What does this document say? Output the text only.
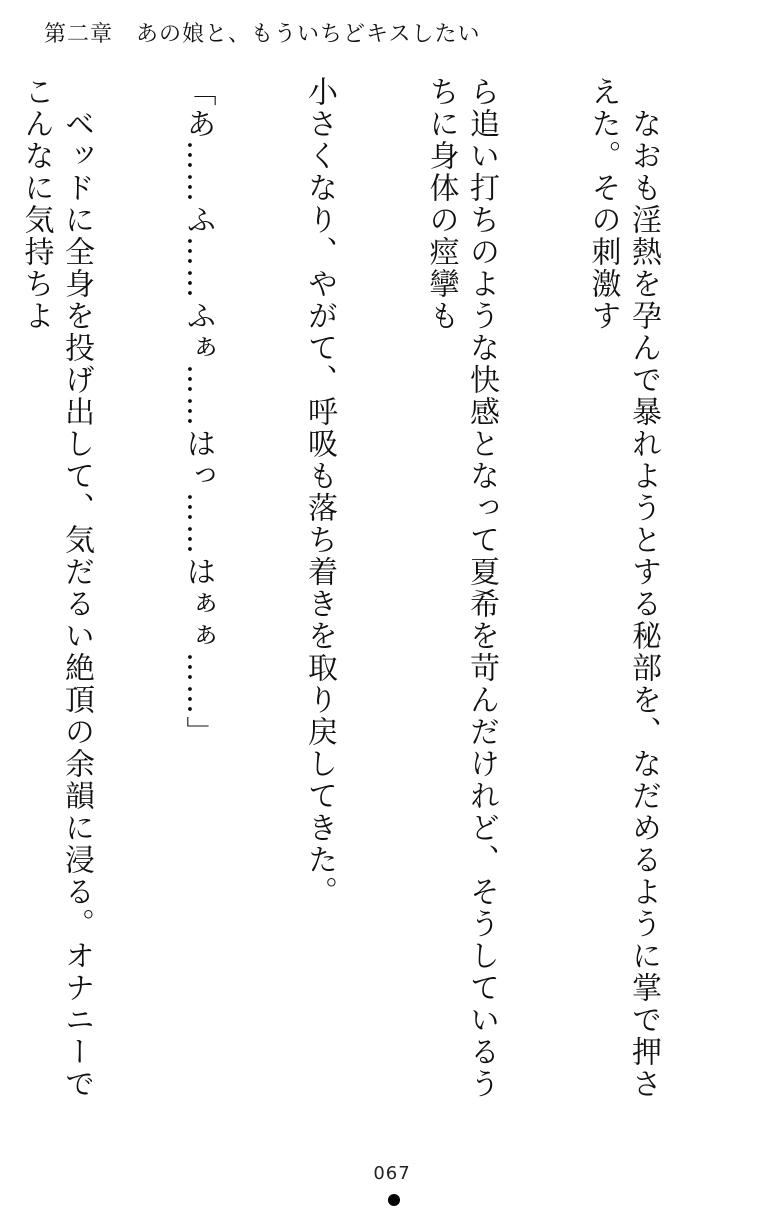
第二章　あの娘と、もういちどキスしたい

　なおも淫熱を孕んで暴れようとする秘部を、なだめるように掌で押さえた。その刺激す

ら追い打ちのような快感となって夏希を苛んだけれど、そうしているうちに身体の痙攣も

小さくなり、やがて、呼吸も落ち着きを取り戻してきた。

「あ……ふ……ふぁ……はっ……はぁぁ……」

　ベッドに全身を投げ出して、気だるい絶頂の余韻に浸る。オナニーでこんなに気持ちよ

067
